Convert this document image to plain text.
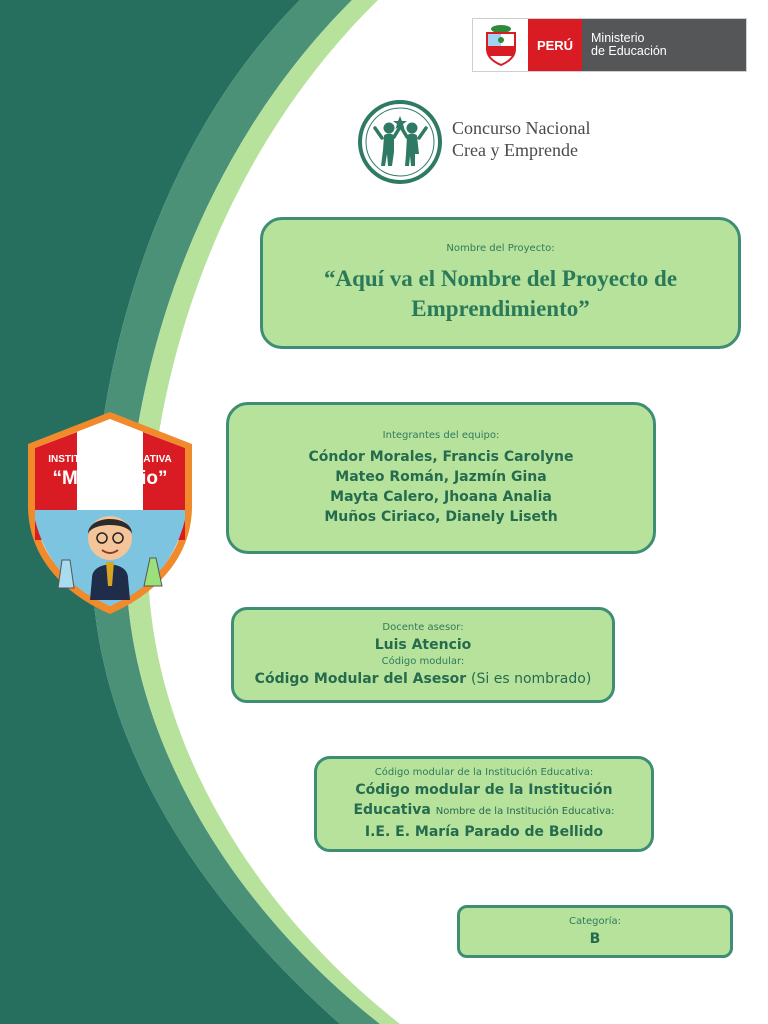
PERÚ	Ministerio
de Educación
Concurso Nacional
Crea y Emprende
Nombre del Proyecto:
“Aquí va el Nombre del Proyecto de Emprendimiento”
INSTITUCIÓN EDUCATIVA
“Mi Colegio”
2022
Integrantes del equipo:
Cóndor Morales, Francis Carolyne
Mateo Román, Jazmín Gina
Mayta Calero, Jhoana Analia
Muños Ciriaco, Dianely Liseth
Docente asesor:
Luis Atencio
Código modular:
Código Modular del Asesor (Si es nombrado)
Código modular de la Institución Educativa:
Código modular de la Institución
Educativa Nombre de la Institución Educativa:
I.E. E. María Parado de Bellido
Categoría:
B
